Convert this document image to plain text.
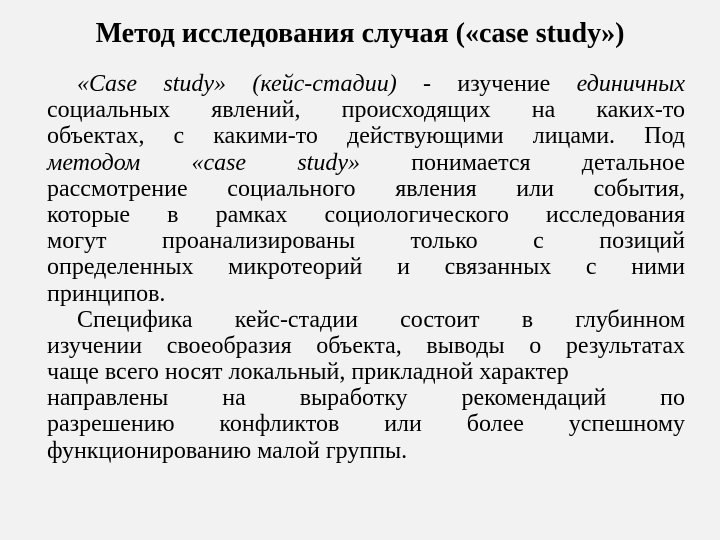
Метод исследования случая («case study»)
«Case study» (кейс-стадии) - изучение единичных
социальных явлений, происходящих на каких-то
объектах, с какими-то действующими лицами. Под
методом «case study» понимается детальное
рассмотрение социального явления или события,
которые в рамках социологического исследования
могут проанализированы только с позиций
определенных микротеорий и связанных с ними
принципов.
Специфика кейс-стадии состоит в глубинном
изучении своеобразия объекта, выводы о результатах
чаще всего носят локальный, прикладной характер
направлены на выработку рекомендаций по
разрешению конфликтов или более успешному
функционированию малой группы.
